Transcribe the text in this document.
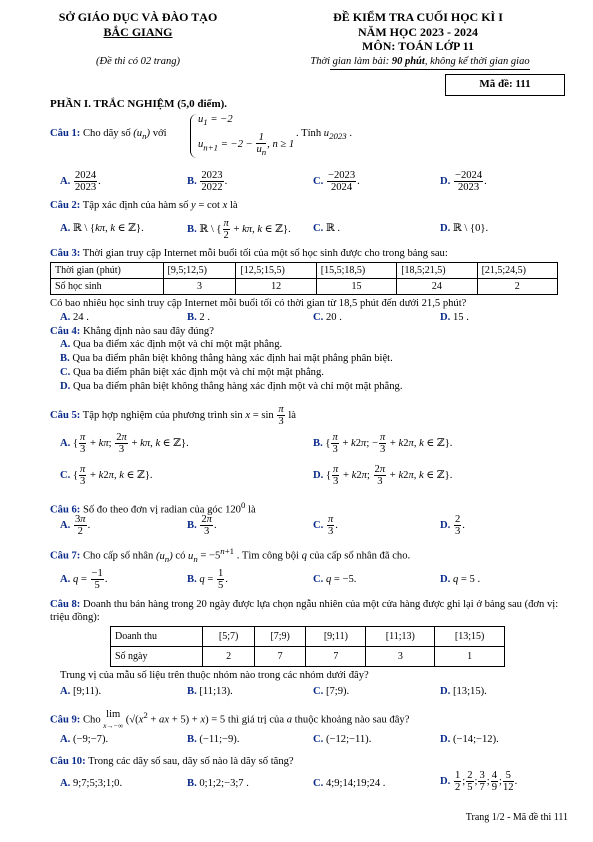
SỞ GIÁO DỤC VÀ ĐÀO TẠO
BẮC GIANG
(Đề thi có 02 trang)
ĐỀ KIỂM TRA CUỐI HỌC KÌ I
NĂM HỌC 2023 - 2024
MÔN: TOÁN LỚP 11
Thời gian làm bài: 90 phút, không kể thời gian giao
Mã đề: 111
PHẦN I. TRẮC NGHIỆM (5,0 điểm).
Câu 1: Cho dãy số $(u_n)$ với
$u_1 = -2$
$u_{n+1} = -2 - \frac{1}{u_n}$ , n ≥ 1
. Tính $u_{2023}$ .
A. $\frac{2024}{2023}$ .	B. $\frac{2023}{2022}$ .	C. $\frac{-2023}{2024}$ .	D. $\frac{-2024}{2023}$ .
Câu 2: Tập xác định của hàm số y = cot x là
A. ℝ \ {kπ, k ∈ ℤ}.	B. ℝ \ { $\frac{\pi}{2} + k\pi$, k ∈ ℤ}. C. ℝ .	D. ℝ \ {0}.
Câu 3: Thời gian truy cập Internet mỗi buổi tối của một số học sinh được cho trong bảng sau:
Thời gian (phút)	[9,5;12,5)	[12,5;15,5)	[15,5;18,5)	[18,5;21,5)	[21,5;24,5)
Số học sinh	3	12	15	24	2
Có bao nhiêu học sinh truy cập Internet mỗi buổi tối có thời gian từ 18,5 phút đến dưới 21,5 phút?
A. 24 .	B. 2 .	C. 20 .	D. 15 .
Câu 4: Khẳng định nào sau đây đúng?
A. Qua ba điểm xác định một và chỉ một mặt phẳng.
B. Qua ba điểm phân biệt không thẳng hàng xác định hai mặt phẳng phân biệt.
C. Qua ba điểm phân biệt xác định một và chỉ một mặt phẳng.
D. Qua ba điểm phân biệt không thẳng hàng xác định một và chỉ một mặt phẳng.
Câu 5: Tập hợp nghiệm của phương trình $\sin x = \sin \frac{\pi}{3}$ là
A. { $\frac{\pi}{3} + k\pi$; $\frac{2\pi}{3} + k\pi$, k ∈ ℤ}.	B. { $\frac{\pi}{3} + k2\pi$; − $\frac{\pi}{3} + k2\pi$, k ∈ ℤ}.
C. { $\frac{\pi}{3} + k2\pi$, k ∈ ℤ}.	D. { $\frac{\pi}{3} + k2\pi$; $\frac{2\pi}{3} + k2\pi$, k ∈ ℤ}.
Câu 6: Số đo theo đơn vị radian của góc $120^0$ là
A. $\frac{3\pi}{2}$ .	B. $\frac{2\pi}{3}$ .	C. $\frac{\pi}{3}$ .	D. $\frac{2}{3}$ .
Câu 7: Cho cấp số nhân $(u_n)$ có $u_n = -5^{n+1}$ . Tìm công bội q của cấp số nhân đã cho.
A. $q = \frac{-1}{5}$ .	B. $q = \frac{1}{5}$ .	C. q = −5.	D. q = 5 .
Câu 8: Doanh thu bán hàng trong 20 ngày được lựa chọn ngẫu nhiên của một cửa hàng được ghi lại ở bảng sau (đơn vị: triệu đồng):
Doanh thu	[5;7)	[7;9)	[9;11)	[11;13)	[13;15)
Số ngày	2	7	7	3	1
Trung vị của mẫu số liệu trên thuộc nhóm nào trong các nhóm dưới đây?
A. [9;11).	B. [11;13).	C. [7;9).	D. [13;15).
Câu 9: Cho lim
x→−∞ ($√(x^2$ + ax + 5) + x) = 5 thì giá trị của a thuộc khoảng nào sau đây?
A. (−9;−7).	B. (−11;−9).	C. (−12;−11).	D. (−14;−12).
Câu 10: Trong các dãy số sau, dãy số nào là dãy số tăng?
A. 9;7;5;3;1;0.	B. 0;1;2;−3;7 .	C. 4;9;14;19;24 .	D. $\frac{1}{2}$ ; $\frac{2}{5}$ ; $\frac{3}{7}$ ; $\frac{4}{9}$ ; $\frac{5}{12}$ .
Trang 1/2 - Mã đề thi 111
